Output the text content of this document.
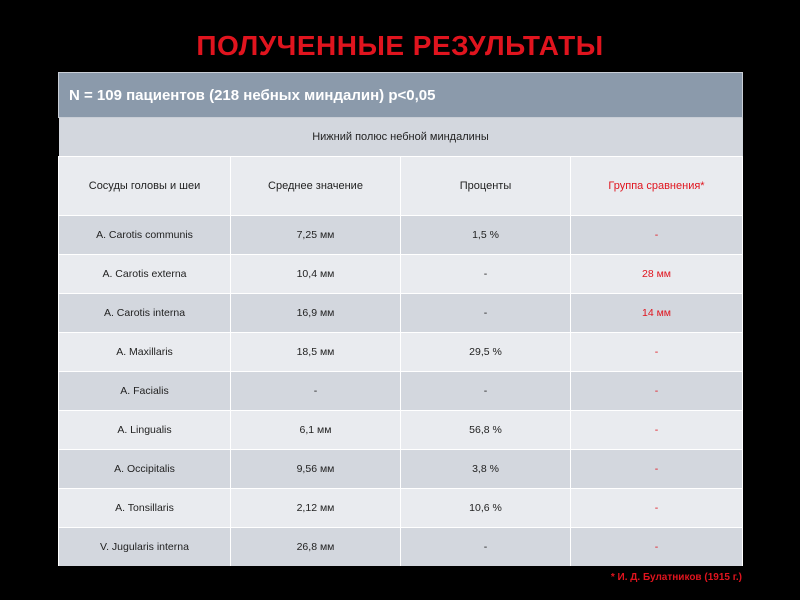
ПОЛУЧЕННЫЕ РЕЗУЛЬТАТЫ
N = 109 пациентов (218 небных миндалин) р<0,05			
Нижний полюс небной миндалины			
Сосуды головы и шеи	Среднее значение	Проценты	Группа сравнения*
A. Carotis communis	7,25 мм	1,5 %	-
A. Carotis externa	10,4 мм	-	28 мм
A. Carotis interna	16,9 мм	-	14 мм
A. Maxillaris	18,5 мм	29,5 %	-
A. Facialis	-	-	-
A. Lingualis	6,1 мм	56,8 %	-
A. Occipitalis	9,56 мм	3,8 %	-
A. Tonsillaris	2,12 мм	10,6 %	-
V. Jugularis interna	26,8 мм	-	-
* И. Д. Булатников (1915 г.)
